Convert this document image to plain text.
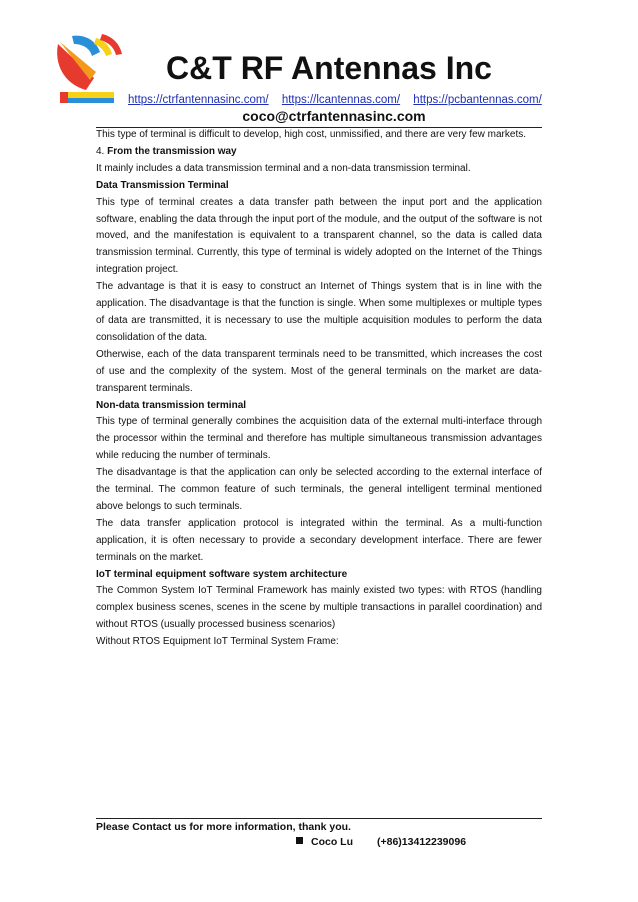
C&T RF Antennas Inc
https://ctrfantennasinc.com/ https://lcantennas.com/ https://pcbantennas.com/
coco@ctrfantennasinc.com

This type of terminal is difficult to develop, high cost, unmissified, and there are very few markets.

4. From the transmission way

It mainly includes a data transmission terminal and a non-data transmission terminal.

Data Transmission Terminal

This type of terminal creates a data transfer path between the input port and the application software, enabling the data through the input port of the module, and the output of the software is not moved, and the manifestation is equivalent to a transparent channel, so the data is called data transmission terminal. Currently, this type of terminal is widely adopted on the Internet of the Things integration project.

The advantage is that it is easy to construct an Internet of Things system that is in line with the application. The disadvantage is that the function is single. When some multiplexes or multiple types of data are transmitted, it is necessary to use the multiple acquisition modules to perform the data consolidation of the data.

Otherwise, each of the data transparent terminals need to be transmitted, which increases the cost of use and the complexity of the system. Most of the general terminals on the market are data-transparent terminals.

Non-data transmission terminal

This type of terminal generally combines the acquisition data of the external multi-interface through the processor within the terminal and therefore has multiple simultaneous transmission advantages while reducing the number of terminals.

The disadvantage is that the application can only be selected according to the external interface of the terminal. The common feature of such terminals, the general intelligent terminal mentioned above belongs to such terminals.

The data transfer application protocol is integrated within the terminal. As a multi-function application, it is often necessary to provide a secondary development interface. There are fewer terminals on the market.

IoT terminal equipment software system architecture

The Common System IoT Terminal Framework has mainly existed two types: with RTOS (handling complex business scenes, scenes in the scene by multiple transactions in parallel coordination) and without RTOS (usually processed business scenarios)

Without RTOS Equipment IoT Terminal System Frame:

Please Contact us for more information, thank you.
Coco Lu (+86)13412239096
